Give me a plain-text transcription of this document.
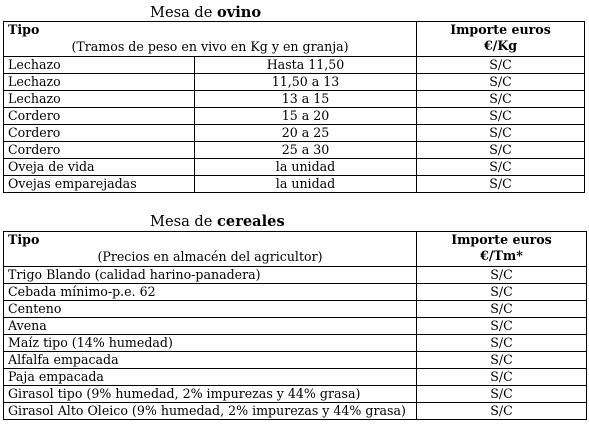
Mesa de ovino
Tipo
(Tramos de peso en vivo en Kg y en granja)		Importe euros
€/Kg

Lechazo	Hasta 11,50	S/C
Lechazo	11,50 a 13	S/C
Lechazo	13 a 15	S/C
Cordero	15 a 20	S/C
Cordero	20 a 25	S/C
Cordero	25 a 30	S/C
Oveja de vida	la unidad	S/C
Ovejas emparejadas	la unidad	S/C
Mesa de cereales
Tipo
(Precios en almacén del agricultor)	Importe euros
€/Tm*

Trigo Blando (calidad harino-panadera)	S/C
Cebada mínimo-p.e. 62	S/C
Centeno	S/C
Avena	S/C
Maíz tipo (14% humedad)	S/C
Alfalfa empacada	S/C
Paja empacada	S/C
Girasol tipo (9% humedad, 2% impurezas y 44% grasa)	S/C
Girasol Alto Oleico (9% humedad, 2% impurezas y 44% grasa)	S/C
